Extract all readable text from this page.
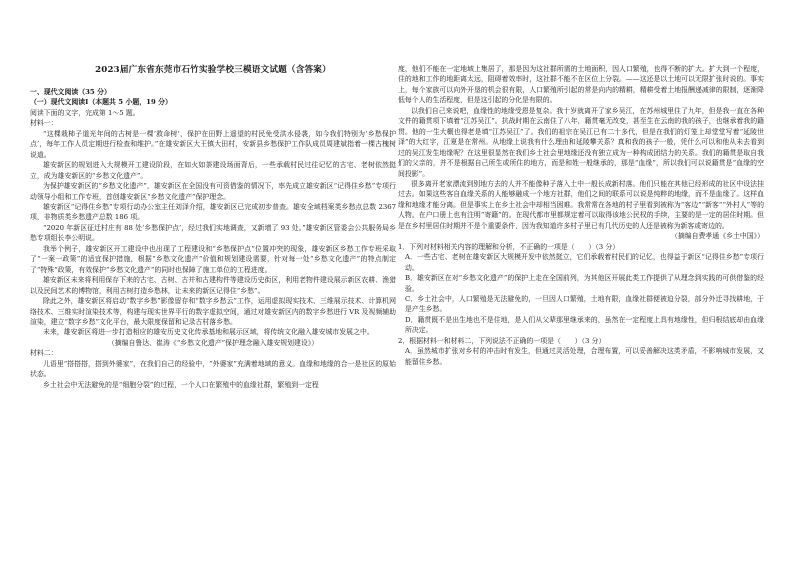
2023届广东省东莞市石竹实验学校三模语文试题（含答案）

一、现代文阅读（35 分）

（一）现代文阅读Ⅰ（本题共 5 小题，19 分）

阅读下面的文字，完成第 1～5 题。

材料一：

“这棵栽柿子道光年间的古树是一棵‘救命树’，保护在田野上遥望的村民免受洪水侵袭，如今我们特别为‘乡愁保护点’，每年工作人员定期进行检查和维护。”在雄安新区大王镇大田村，安新县乡愁保护工作队成员周建斌指着一棵古槐树说道。

雄安新区的规划进入大规模开工建设阶段，在如火如荼建设场面背后，一些承载村民过往记忆的古宅、老树依然挺立，成为雄安新区的“乡愁文化遗产”。

为保护雄安新区的“乡愁文化遗产”，雄安新区在全国没有可资借鉴的情况下，率先成立雄安新区“记得住乡愁”专项行动领导小组和工作专班，首创雄安新区“乡愁文化遗产”保护理念。

雄安新区“记得住乡愁”专项行动办公室主任刘泽介绍，雄安新区已完成初步普查。雄安全域档案类乡愁点总数 2367 项，非物质类乡愁遗产总数 186 项。

“2020 年新区征迁村庄有 88 处‘乡愁保护点’，经过我们实地调查，又新增了 93 处。”雄安新区管委会公共服务局乡愁专项组长李公明说。

我举个例子，雄安新区开工建设中也出现了工程建设和“乡愁保护点”位置冲突的现象，雄安新区乡愁工作专班采取了“一案一政策”的适宜保护措施，根据“乡愁文化遗产”价值和规划建设需要，针对每一处“乡愁文化遗产”的特点制定了“特殊”政策，有效保护“乡愁文化遗产”的同时也保障了施工单位的工程进度。

雄安新区未来将利用保存下来的古宅、古树、古井和古建构件等建设历史街区，利用老物件建设展示新区农耕、渔猎以及民间艺术的博物馆，利用古树打造乡愁林，让未来的新区记得住“乡愁”。

除此之外，雄安新区将启动“数字乡愁”影像留存和“数字乡愁云”工作，运用虚拟现实技术、三维展示技术、计算机网络技术、三维实时渲染技术等，构建与现实世界平行的数字虚拟空间，通过对雄安新区内的数字乡愁进行 VR 及视频辅助渲染，建立“数字乡愁”文化平台，最大限度保留和记录古村落乡愁。

未来，雄安新区将进一步打造相应的雄安历史文化传承基地和展示区域，将传统文化融入雄安城市发展之中。

（摘编自鲁达、崔涛《“乡愁文化遗产”保护理念融入雄安规划建设》）

材料二：

儿语里“搭搭搭，搭到外婆家”，在我们自己的经验中，“外婆家”充满着地域的意义。血缘和地缘的合一是社区的原始状态。

乡土社会中无法避免的是“细胞分裂”的过程，一个人口在繁殖中的血缘社群，繁殖到一定程

度，他们不能在一定地域上集居了，那是因为这社群所需的土地面积，因人口繁殖，也得不断的扩大。扩大到一个程度，住的地和工作的地距离太远，阻碍着效率时，这社群不能不在区位上分裂。——这还是以土地可以无限扩张时说的。事实上，每个家族可以向外开垦的机会很有限，人口繁殖所引起的常是向内的精耕，精耕受着土地报酬递减律的限制，逐渐降低每个人的生活程度，但是这引起的分化是有限的。

以我们自己来说吧，血缘性的地缘受恩是复杂。我十岁就离开了家乡吴江，在苏州城里住了九年，但是我一直在各种文件的籍贯项下填着“江苏吴江”。抗战时期在云南住了八年，籍贯毫无改变，甚至生在云南的我的孩子，也继承着我的籍贯。他的一生大概也得老是填“江苏吴江”了。我们的祖宗在吴江已有二十多代，但是在我们的灯笼上却堂堂写着“延陵世泽”的大红字，江夏是在常州。从地缘上说我有什么理由和延陵攀关系？真和我的孩子一般，凭什么可以和他从未去看到过的吴江发生地缘呢？在这里很显然在我们乡土社会里地缘还没有独立成为一种构成团结力的关系。我们的籍贯是取自我们的父亲的，并不是根据自己所生或所住的地方，而是和姓一般继承的，那是“血缘”，所以我们可以说籍贯是“血缘的空间投影”。

很多离开老家漂流到别地方去的人并不能像种子落入土中一般长成新村落。他们只能在其他已经形成的社区中设法挂过去。如果这些客自血缘关系的人能够融成一个地方社群，他们之间的联系可以说是纯粹的地缘，而不是血缘了。这样血缘和地缘才能分离。但是事实上在乡土社会中却相当困难。我常常在各地的村子里看到被称为“客边”“新客”“外村人”等的人物。在户口册上也有注明“寄籍”的。在现代都市里都规定着可以取得该地公民权的手续，主要的是一定的居住时期。但是在乡村里居住时期并不是个重要条件，因为我知道许多村子里已有几代历史的人还是被称为新客或寄边的。

（摘编自费孝通《乡土中国》）

1．下列对材料相关内容的理解和分析，不正确的一项是（　　）（3 分）

A．一些古宅、老树在雄安新区大规模开发中依然挺立，它们承载着村民们的记忆，也得益于新区“记得住乡愁”专项行动。

B．雄安新区在对“乡愁文化遗产”的保护上走在全国前列，为其他区开展此类工作提供了从理念到实践的可供借鉴的经验。

C．乡土社会中，人口繁殖是无法避免的，一旦因人口繁殖，土地有限，血缘社群便被迫分裂，部分外迁寻找耕地，于是产生乡愁。

D．籍贯既不是出生地也不是住地，是人们从父辈那里继承来的，虽然在一定程度上具有地缘性，但归根结底却由血缘所决定。

2．根据材料一和材料二，下列说法不正确的一项是（　　）（3 分）

A．虽然城市扩张对乡村的冲击时有发生，但通过灵活处理，合理布置，可以妥善解决这类矛盾，不影响城市发展，又能留住乡愁。
